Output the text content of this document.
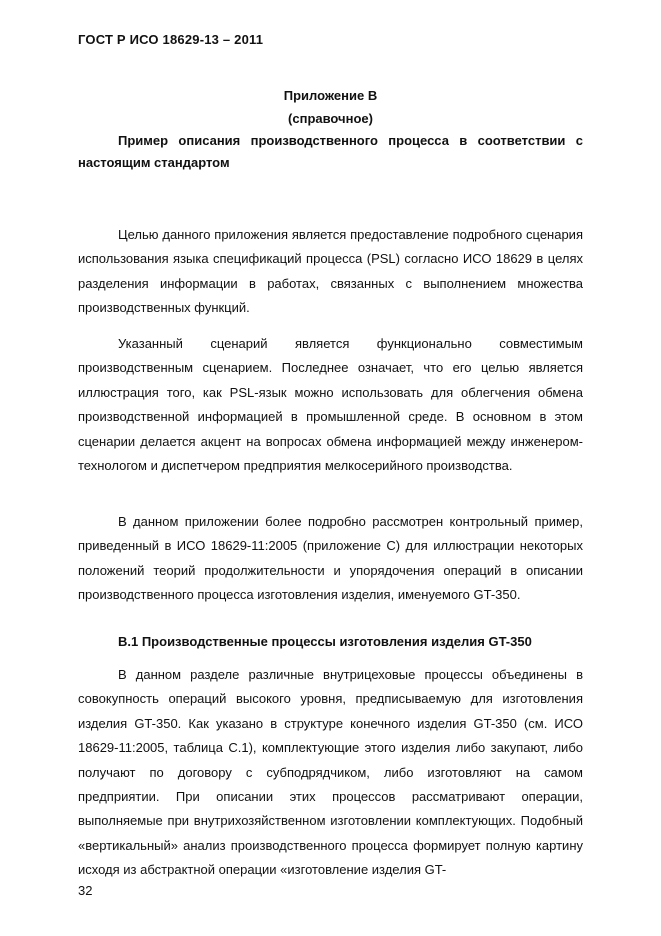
ГОСТ Р ИСО 18629-13 – 2011
Приложение В
(справочное)

Пример описания производственного процесса в соответствии с настоящим стандартом

Целью данного приложения является предоставление подробного сценария использования языка спецификаций процесса (PSL) согласно ИСО 18629 в целях разделения информации в работах, связанных с выполнением множества производственных функций.

Указанный сценарий является функционально совместимым производственным сценарием. Последнее означает, что его целью является иллюстрация того, как PSL-язык можно использовать для облегчения обмена производственной информацией в промышленной среде. В основном в этом сценарии делается акцент на вопросах обмена информацией между инженером-технологом и диспетчером предприятия мелкосерийного производства.

В данном приложении более подробно рассмотрен контрольный пример, приведенный в ИСО 18629-11:2005 (приложение С) для иллюстрации некоторых положений теорий продолжительности и упорядочения операций в описании производственного процесса изготовления изделия, именуемого GT-350.

В.1 Производственные процессы изготовления изделия GT-350

В данном разделе различные внутрицеховые процессы объединены в совокупность операций высокого уровня, предписываемую для изготовления изделия GT-350. Как указано в структуре конечного изделия GT-350 (см. ИСО 18629-11:2005, таблица С.1), комплектующие этого изделия либо закупают, либо получают по договору с субподрядчиком, либо изготовляют на самом предприятии. При описании этих процессов рассматривают операции, выполняемые при внутрихозяйственном изготовлении комплектующих. Подобный «вертикальный» анализ производственного процесса формирует полную картину исходя из абстрактной операции «изготовление изделия GT-

32
